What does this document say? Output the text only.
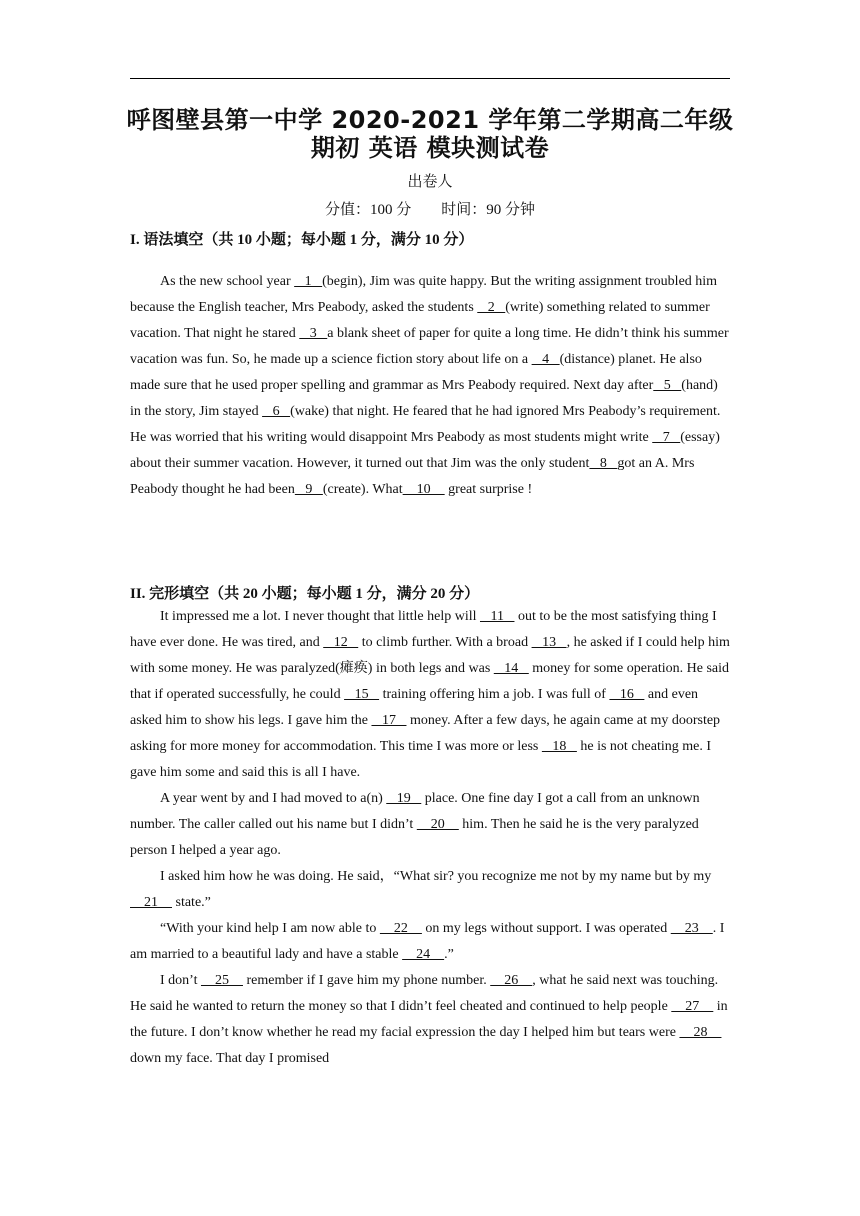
呼图壁县第一中学 2020-2021 学年第二学期高二年级
期初 英语 模块测试卷
出卷人
分值：100 分        时间：90 分钟
I. 语法填空（共 10 小题；每小题 1 分，满分 10 分）

As the new school year    1   (begin), Jim was quite happy. But the writing assignment troubled him because the English teacher, Mrs Peabody, asked the students    2   (write) something related to summer vacation. That night he stared    3   a blank sheet of paper for quite a long time. He didn’t think his summer vacation was fun. So, he made up a science fiction story about life on a    4   (distance) planet. He also made sure that he used proper spelling and grammar as Mrs Peabody required. Next day after   5   (hand) in the story, Jim stayed    6   (wake) that night. He feared that he had ignored Mrs Peabody’s requirement. He was worried that his writing would disappoint Mrs Peabody as most students might write    7   (essay) about their summer vacation. However, it turned out that Jim was the only student   8   got an A. Mrs Peabody thought he had been   9   (create). What    10     great surprise !

II. 完形填空（共 20 小题；每小题 1 分，满分 20 分）

It impressed me a lot. I never thought that little help will    11    out to be the most satisfying thing I have ever done. He was tired, and    12    to climb further. With a broad    13   , he asked if I could help him with some money. He was paralyzed(瘫痪) in both legs and was    14    money for some operation. He said that if operated successfully, he could    15    training offering him a job. I was full of    16    and even asked him to show his legs. I gave him the    17    money. After a few days, he again came at my doorstep asking for more money for accommodation. This time I was more or less    18    he is not cheating me. I gave him some and said this is all I have.

A year went by and I had moved to a(n)    19    place. One fine day I got a call from an unknown number. The caller called out his name but I didn’t     20     him. Then he said he is the very paralyzed person I helped a year ago.

I asked him how he was doing. He said，“What sir? you recognize me not by my name but by my     21     state.”

“With your kind help I am now able to     22     on my legs without support. I was operated     23    . I am married to a beautiful lady and have a stable     24    .”

I don’t     25     remember if I gave him my phone number.     26    , what he said next was touching. He said he wanted to return the money so that I didn’t feel cheated and continued to help people     27     in the future. I don’t know whether he read my facial expression the day I helped him but tears were     28     down my face. That day I promised
